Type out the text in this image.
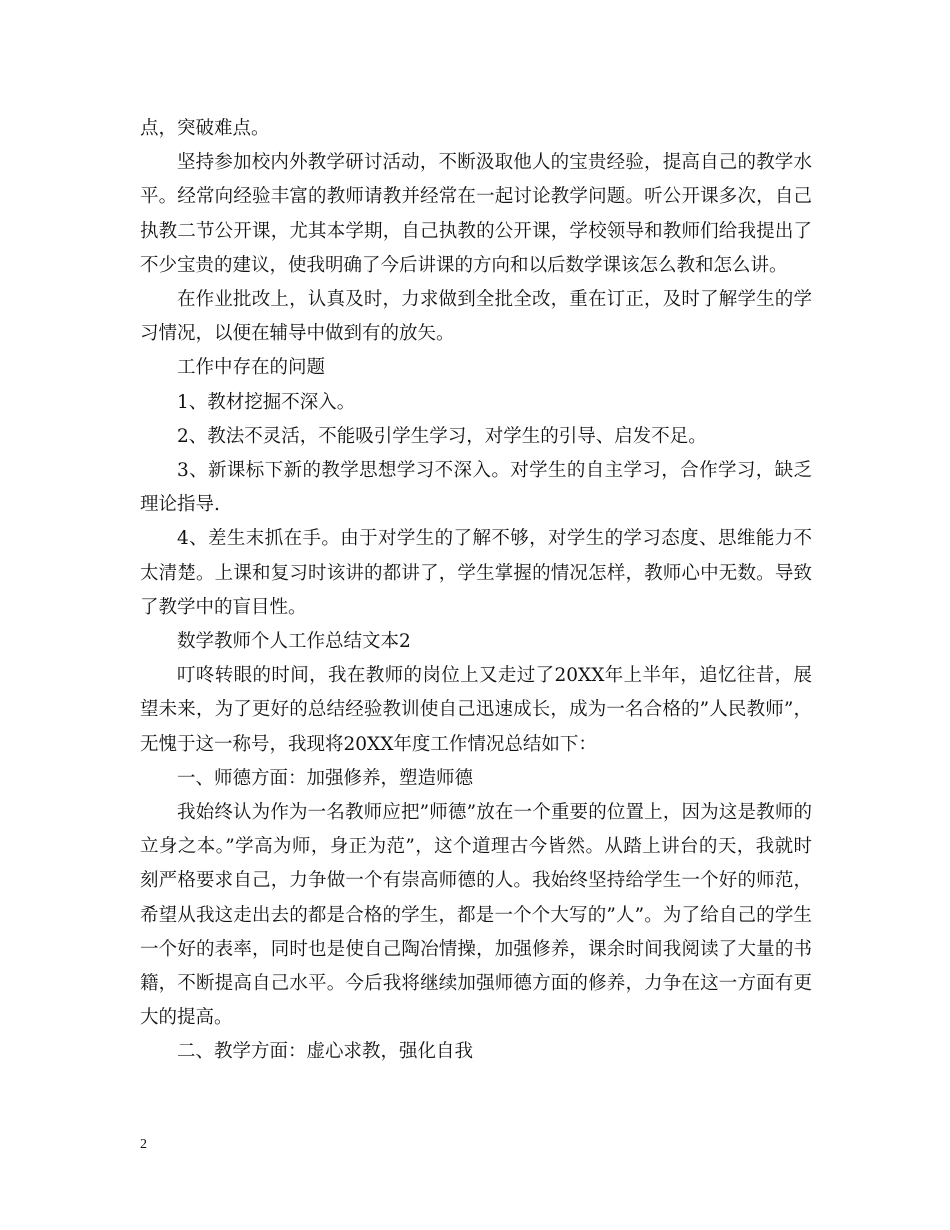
点，突破难点。

坚持参加校内外教学研讨活动，不断汲取他人的宝贵经验，提高自己的教学水平。经常向经验丰富的教师请教并经常在一起讨论教学问题。听公开课多次，自己执教二节公开课，尤其本学期，自己执教的公开课，学校领导和教师们给我提出了不少宝贵的建议，使我明确了今后讲课的方向和以后数学课该怎么教和怎么讲。

在作业批改上，认真及时，力求做到全批全改，重在订正，及时了解学生的学习情况，以便在辅导中做到有的放矢。

工作中存在的问题

1、教材挖掘不深入。

2、教法不灵活，不能吸引学生学习，对学生的引导、启发不足。

3、新课标下新的教学思想学习不深入。对学生的自主学习，合作学习，缺乏理论指导.

4、差生末抓在手。由于对学生的了解不够，对学生的学习态度、思维能力不太清楚。上课和复习时该讲的都讲了，学生掌握的情况怎样，教师心中无数。导致了教学中的盲目性。

数学教师个人工作总结文本2

叮咚转眼的时间，我在教师的岗位上又走过了20XX年上半年，追忆往昔，展望未来，为了更好的总结经验教训使自己迅速成长，成为一名合格的”人民教师”，无愧于这一称号，我现将20XX年度工作情况总结如下：

一、师德方面：加强修养，塑造师德

我始终认为作为一名教师应把”师德”放在一个重要的位置上，因为这是教师的立身之本。”学高为师，身正为范”，这个道理古今皆然。从踏上讲台的天，我就时刻严格要求自己，力争做一个有崇高师德的人。我始终坚持给学生一个好的师范，希望从我这走出去的都是合格的学生，都是一个个大写的”人”。为了给自己的学生一个好的表率，同时也是使自己陶冶情操，加强修养，课余时间我阅读了大量的书籍，不断提高自己水平。今后我将继续加强师德方面的修养，力争在这一方面有更大的提高。

二、教学方面：虚心求教，强化自我

2
